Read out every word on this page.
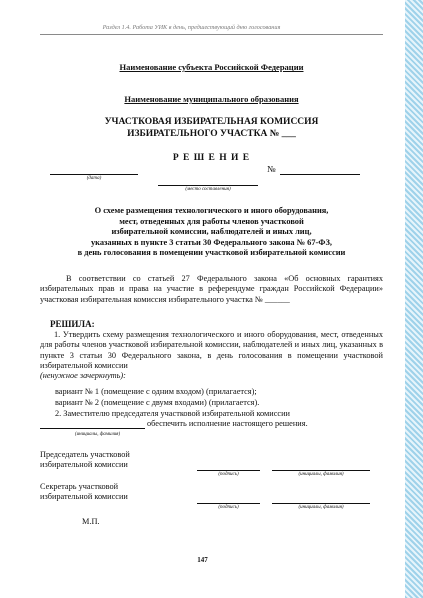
Раздел 1.4. Работа УИК в день, предшествующий дню голосования
Наименование субъекта Российской Федерации
Наименование муниципального образования
УЧАСТКОВАЯ ИЗБИРАТЕЛЬНАЯ КОМИССИЯ
ИЗБИРАТЕЛЬНОГО УЧАСТКА № ___
Р Е Ш Е Н И Е
(дата)
(место составления)
№
О схеме размещения технологического и иного оборудования,
мест, отведенных для работы членов участковой
избирательной комиссии, наблюдателей и иных лиц,
указанных в пункте 3 статьи 30 Федерального закона № 67-ФЗ,
в день голосования в помещении участковой избирательной комиссии
В соответствии со статьей 27 Федерального закона «Об основных гарантиях избирательных прав и права на участие в референдуме граждан Российской Федерации» участковая избирательная комиссия избирательного участка № ______
РЕШИЛА:
1. Утвердить схему размещения технологического и иного оборудования, мест, отведенных для работы членов участковой избирательной комиссии, наблюдателей и иных лиц, указанных в пункте 3 статьи 30 Федерального закона, в день голосования в помещении участковой избирательной комиссии
(ненужное зачеркнуть):
вариант № 1 (помещение с одним входом) (прилагается);
вариант № 2 (помещение с двумя входами) (прилагается).
2. Заместителю председателя участковой избирательной комиссии
обеспечить исполнение настоящего решения.
(инициалы, фамилия)
Председатель участковой
избирательной комиссии
(подпись)	(инициалы, фамилия)
Секретарь участковой
избирательной комиссии
(подпись)	(инициалы, фамилия)
М.П.
147
